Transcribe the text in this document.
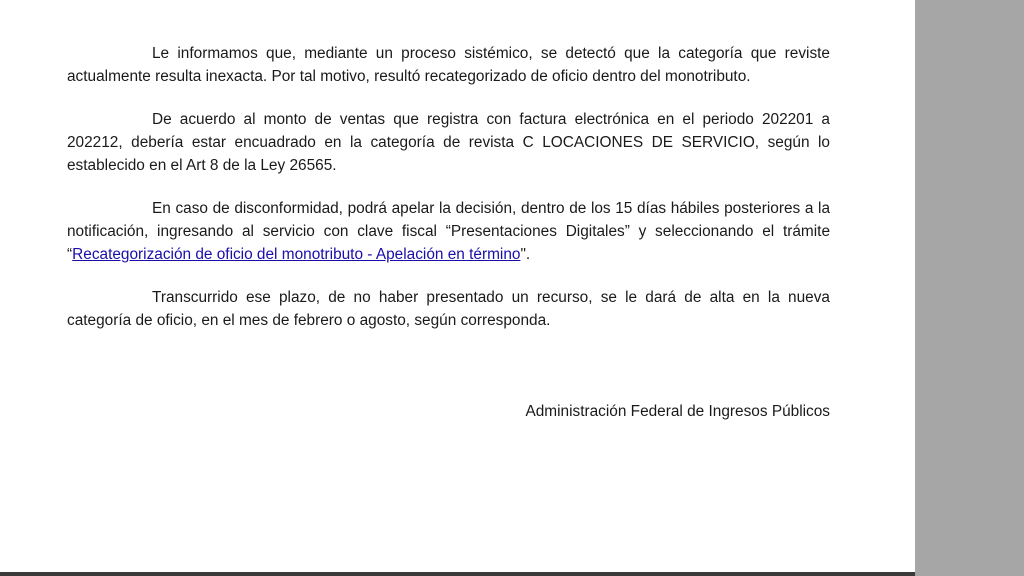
Le informamos que, mediante un proceso sistémico, se detectó que la categoría que reviste actualmente resulta inexacta. Por tal motivo, resultó recategorizado de oficio dentro del monotributo.

De acuerdo al monto de ventas que registra con factura electrónica en el periodo 202201 a 202212, debería estar encuadrado en la categoría de revista C LOCACIONES DE SERVICIO, según lo establecido en el Art 8 de la Ley 26565.

En caso de disconformidad, podrá apelar la decisión, dentro de los 15 días hábiles posteriores a la notificación, ingresando al servicio con clave fiscal “Presentaciones Digitales” y seleccionando el trámite “Recategorización de oficio del monotributo - Apelación en término".

Transcurrido ese plazo, de no haber presentado un recurso, se le dará de alta en la nueva categoría de oficio, en el mes de febrero o agosto, según corresponda.

Administración Federal de Ingresos Públicos
